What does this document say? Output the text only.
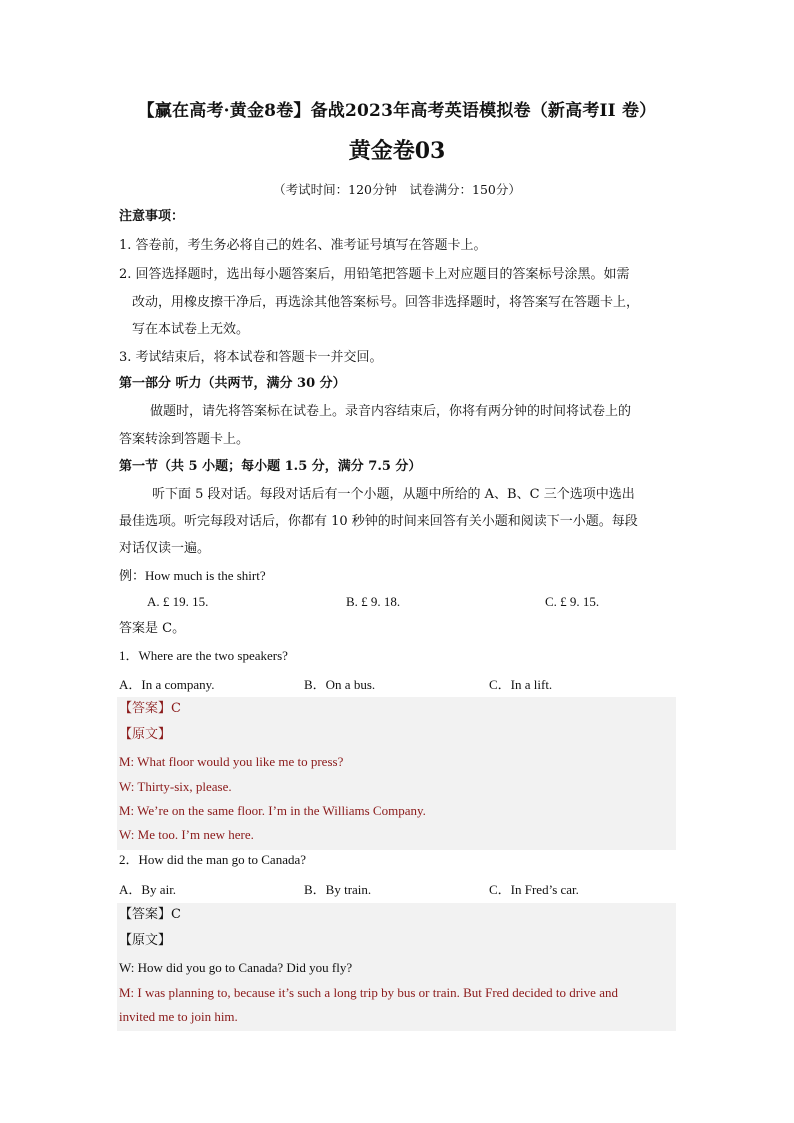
【赢在高考·黄金8卷】备战2023年高考英语模拟卷（新高考II 卷）
黄金卷03
（考试时间：120分钟　试卷满分：150分）
注意事项：
1. 答卷前，考生务必将自己的姓名、准考证号填写在答题卡上。
2. 回答选择题时，选出每小题答案后，用铅笔把答题卡上对应题目的答案标号涂黑。如需
改动，用橡皮擦干净后，再选涂其他答案标号。回答非选择题时，将答案写在答题卡上，
写在本试卷上无效。
3. 考试结束后，将本试卷和答题卡一并交回。
第一部分 听力（共两节，满分 30 分）
做题时，请先将答案标在试卷上。录音内容结束后，你将有两分钟的时间将试卷上的
答案转涂到答题卡上。
第一节（共 5 小题；每小题 1.5 分，满分 7.5 分）
听下面 5 段对话。每段对话后有一个小题，从题中所给的 A、B、C 三个选项中选出
最佳选项。听完每段对话后，你都有 10 秒钟的时间来回答有关小题和阅读下一小题。每段
对话仅读一遍。
例：How much is the shirt?
A. £ 19. 15.	B. £ 9. 18.	C. £ 9. 15.
答案是 C。
1．Where are the two speakers?
A．In a company.	B．On a bus.	C．In a lift.
【答案】C
【原文】
M: What floor would you like me to press?
W: Thirty-six, please.
M: We’re on the same floor. I’m in the Williams Company.
W: Me too. I’m new here.
2．How did the man go to Canada?
A．By air.	B．By train.	C．In Fred’s car.
【答案】C
【原文】
W: How did you go to Canada? Did you fly?
M: I was planning to, because it’s such a long trip by bus or train. But Fred decided to drive and
invited me to join him.
